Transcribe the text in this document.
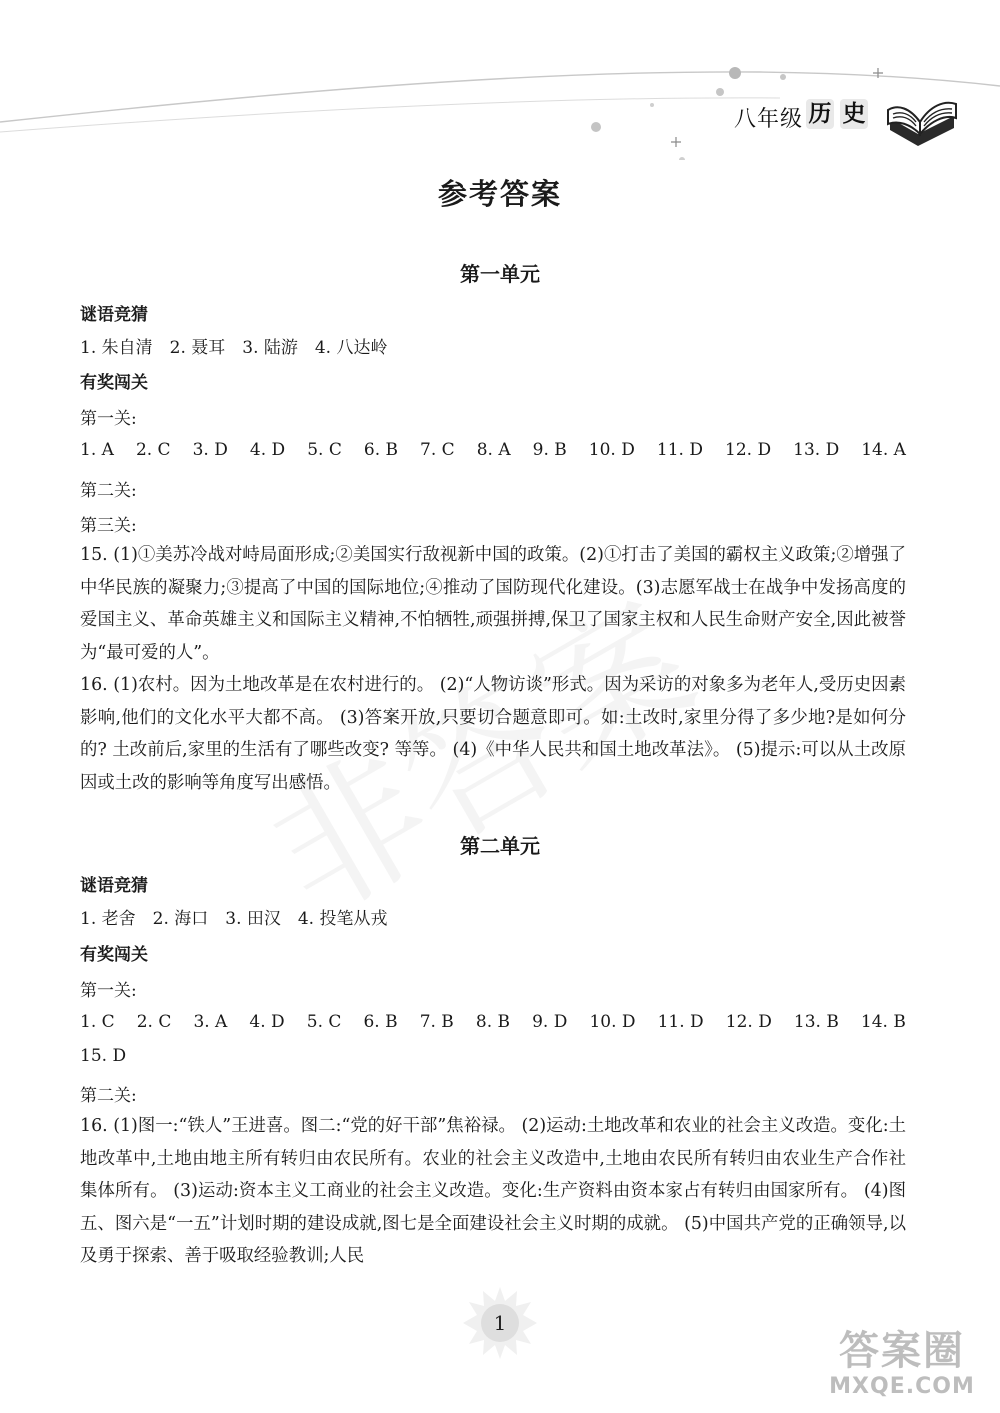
八年级 历 史
参考答案
第一单元
谜语竞猜
1. 朱自清　2. 聂耳　3. 陆游　4. 八达岭
有奖闯关
第一关:
1. A 2. C 3. D 4. D 5. C 6. B 7. C 8. A 9. B 10. D 11. D 12. D 13. D 14. A
第二关:
第三关:
15. (1)①美苏冷战对峙局面形成;②美国实行敌视新中国的政策。(2)①打击了美国的霸权主义政策;②增强了中华民族的凝聚力;③提高了中国的国际地位;④推动了国防现代化建设。(3)志愿军战士在战争中发扬高度的爱国主义、革命英雄主义和国际主义精神,不怕牺牲,顽强拼搏,保卫了国家主权和人民生命财产安全,因此被誉为“最可爱的人”。
16. (1)农村。因为土地改革是在农村进行的。 (2)“人物访谈”形式。因为采访的对象多为老年人,受历史因素影响,他们的文化水平大都不高。 (3)答案开放,只要切合题意即可。如:土改时,家里分得了多少地?是如何分的? 土改前后,家里的生活有了哪些改变? 等等。 (4)《中华人民共和国土地改革法》。 (5)提示:可以从土改原因或土改的影响等角度写出感悟。
第二单元
谜语竞猜
1. 老舍　2. 海口　3. 田汉　4. 投笔从戎
有奖闯关
第一关:
1. C 2. C 3. A 4. D 5. C 6. B 7. B 8. B 9. D 10. D 11. D 12. D 13. B 14. B
15. D
第二关:
16. (1)图一:“铁人”王进喜。图二:“党的好干部”焦裕禄。 (2)运动:土地改革和农业的社会主义改造。变化:土地改革中,土地由地主所有转归由农民所有。农业的社会主义改造中,土地由农民所有转归由农业生产合作社集体所有。 (3)运动:资本主义工商业的社会主义改造。变化:生产资料由资本家占有转归由国家所有。 (4)图五、图六是“一五”计划时期的建设成就,图七是全面建设社会主义时期的成就。 (5)中国共产党的正确领导,以及勇于探索、善于吸取经验教训;人民
1
答案圈
MXQE.COM
